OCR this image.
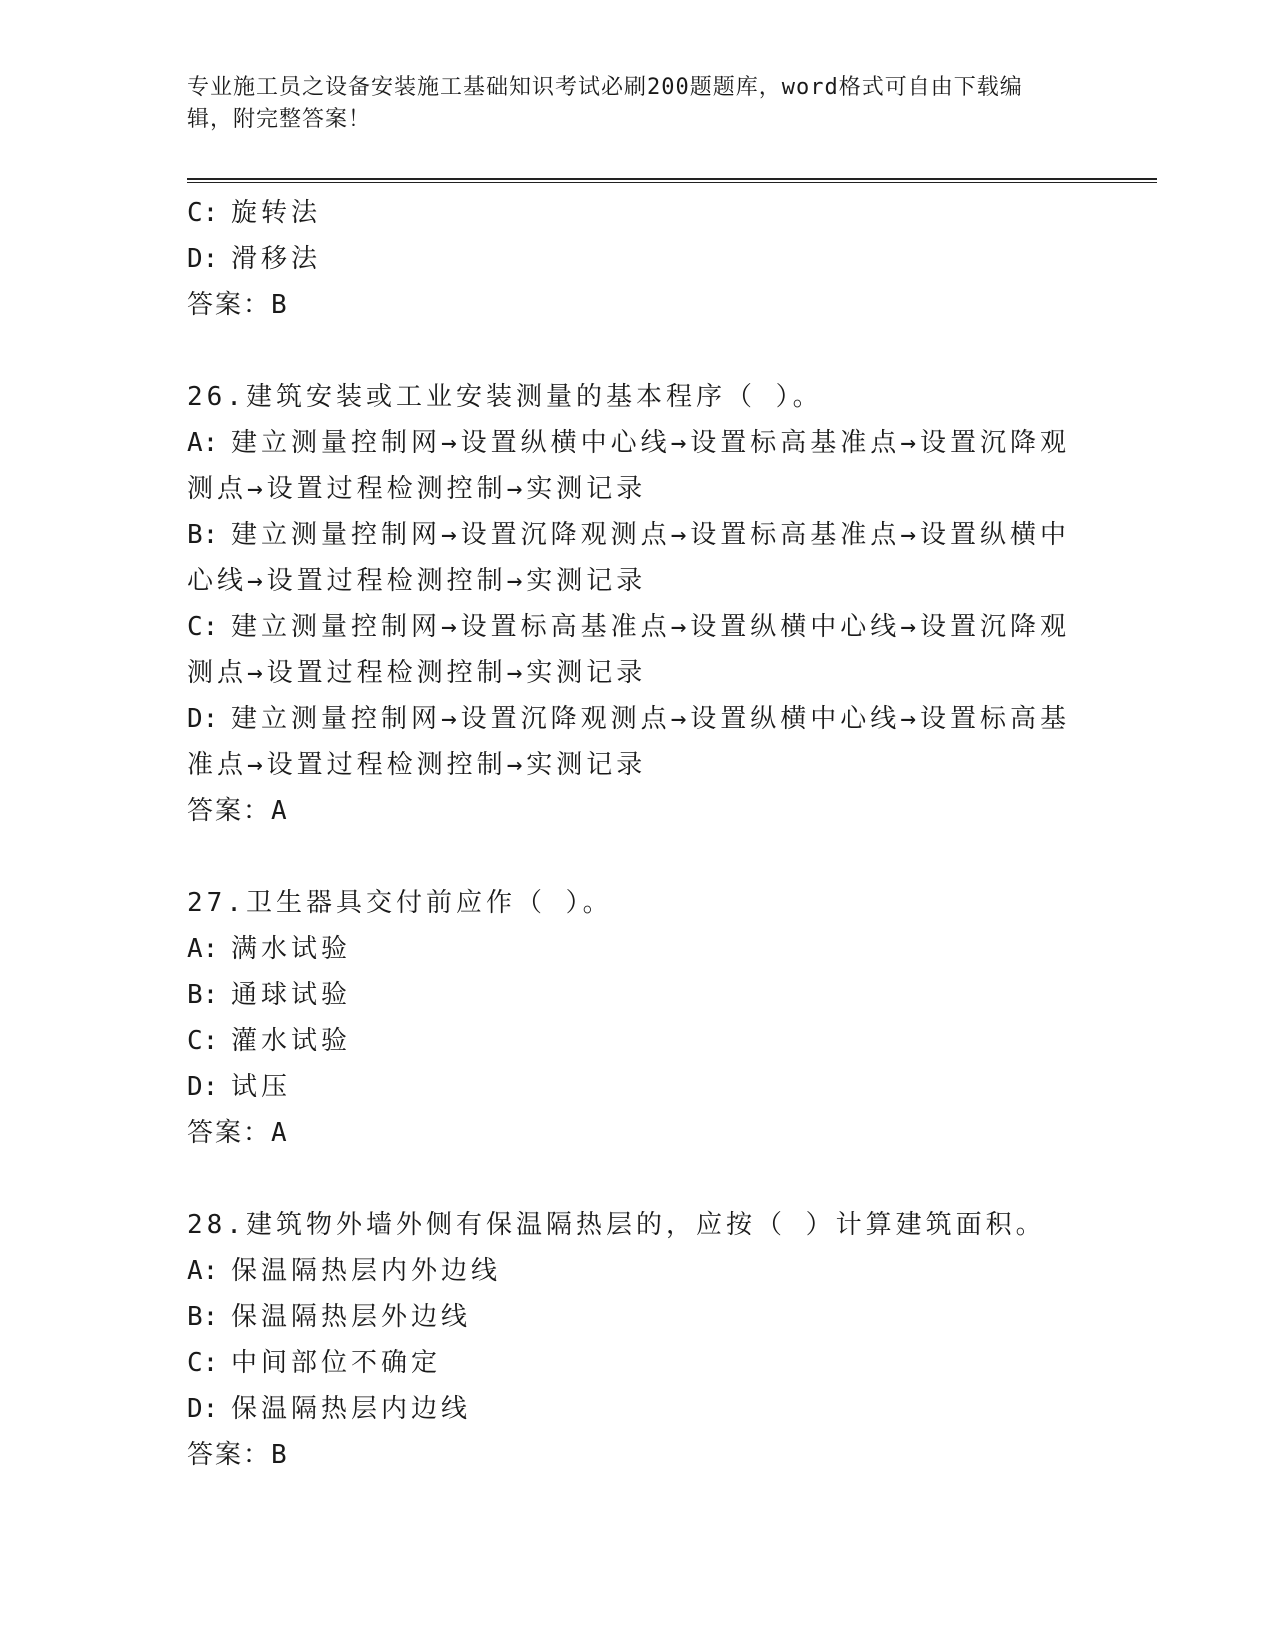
专业施工员之设备安装施工基础知识考试必刷200题题库，word格式可自由下载编辑，附完整答案！
C: 旋转法
D: 滑移法
答案：B
26.建筑安装或工业安装测量的基本程序（ ）。
A: 建立测量控制网→设置纵横中心线→设置标高基准点→设置沉降观测点→设置过程检测控制→实测记录
B: 建立测量控制网→设置沉降观测点→设置标高基准点→设置纵横中心线→设置过程检测控制→实测记录
C: 建立测量控制网→设置标高基准点→设置纵横中心线→设置沉降观测点→设置过程检测控制→实测记录
D: 建立测量控制网→设置沉降观测点→设置纵横中心线→设置标高基准点→设置过程检测控制→实测记录
答案：A
27.卫生器具交付前应作（ ）。
A: 满水试验
B: 通球试验
C: 灌水试验
D: 试压
答案：A
28.建筑物外墙外侧有保温隔热层的，应按（ ）计算建筑面积。
A: 保温隔热层内外边线
B: 保温隔热层外边线
C: 中间部位不确定
D: 保温隔热层内边线
答案：B
